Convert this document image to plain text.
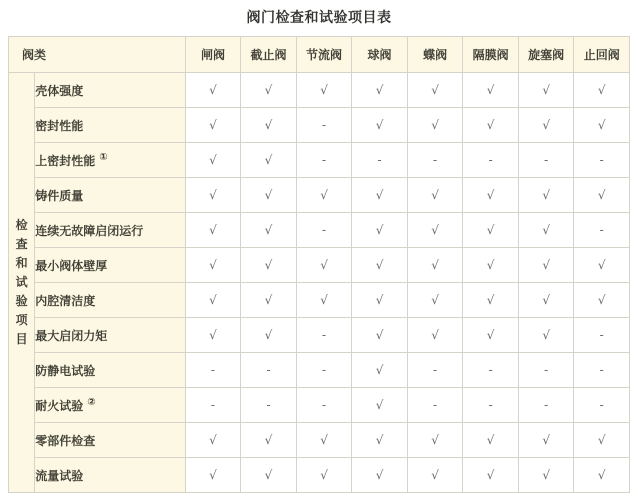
阀门检查和试验项目表
阀类		闸阀	截止阀	节流阀	球阀	蝶阀	隔膜阀	旋塞阀	止回阀

检查和试验项目	壳体强度	√	√	√	√	√	√	√	√
	密封性能	√	√	-	√	√	√	√	√
	上密封性能 ①	√	√	-	-	-	-	-	-
	铸件质量	√	√	√	√	√	√	√	√
	连续无故障启闭运行	√	√	-	√	√	√	√	-
	最小阀体壁厚	√	√	√	√	√	√	√	√
	内腔清洁度	√	√	√	√	√	√	√	√
	最大启闭力矩	√	√	-	√	√	√	√	-
	防静电试验	-	-	-	√	-	-	-	-
	耐火试验 ②	-	-	-	√	-	-	-	-
	零部件检查	√	√	√	√	√	√	√	√
	流量试验	√	√	√	√	√	√	√	√
